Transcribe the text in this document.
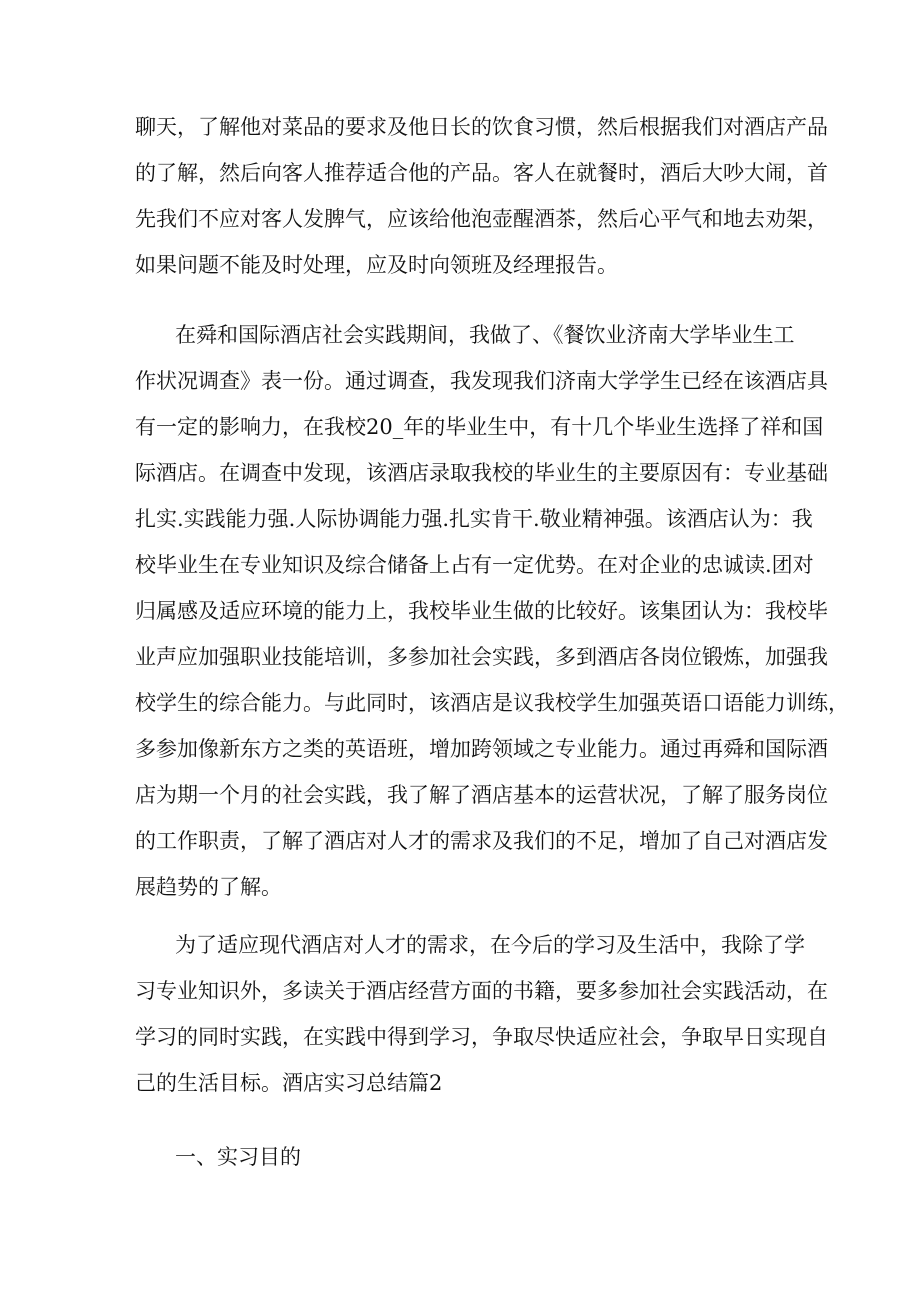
聊天，了解他对菜品的要求及他日长的饮食习惯，然后根据我们对酒店产品
的了解，然后向客人推荐适合他的产品。客人在就餐时，酒后大吵大闹，首
先我们不应对客人发脾气，应该给他泡壶醒酒茶，然后心平气和地去劝架，
如果问题不能及时处理，应及时向领班及经理报告。
在舜和国际酒店社会实践期间，我做了、《餐饮业济南大学毕业生工
作状况调查》表一份。通过调查，我发现我们济南大学学生已经在该酒店具
有一定的影响力，在我校20_年的毕业生中，有十几个毕业生选择了祥和国
际酒店。在调查中发现，该酒店录取我校的毕业生的主要原因有：专业基础
扎实.实践能力强.人际协调能力强.扎实肯干.敬业精神强。该酒店认为：我
校毕业生在专业知识及综合储备上占有一定优势。在对企业的忠诚读.团对
归属感及适应环境的能力上，我校毕业生做的比较好。该集团认为：我校毕
业声应加强职业技能培训，多参加社会实践，多到酒店各岗位锻炼，加强我
校学生的综合能力。与此同时，该酒店是议我校学生加强英语口语能力训练，
多参加像新东方之类的英语班，增加跨领域之专业能力。通过再舜和国际酒
店为期一个月的社会实践，我了解了酒店基本的运营状况，了解了服务岗位
的工作职责，了解了酒店对人才的需求及我们的不足，增加了自己对酒店发
展趋势的了解。
为了适应现代酒店对人才的需求，在今后的学习及生活中，我除了学
习专业知识外，多读关于酒店经营方面的书籍，要多参加社会实践活动，在
学习的同时实践，在实践中得到学习，争取尽快适应社会，争取早日实现自
己的生活目标。酒店实习总结篇2
一、实习目的
